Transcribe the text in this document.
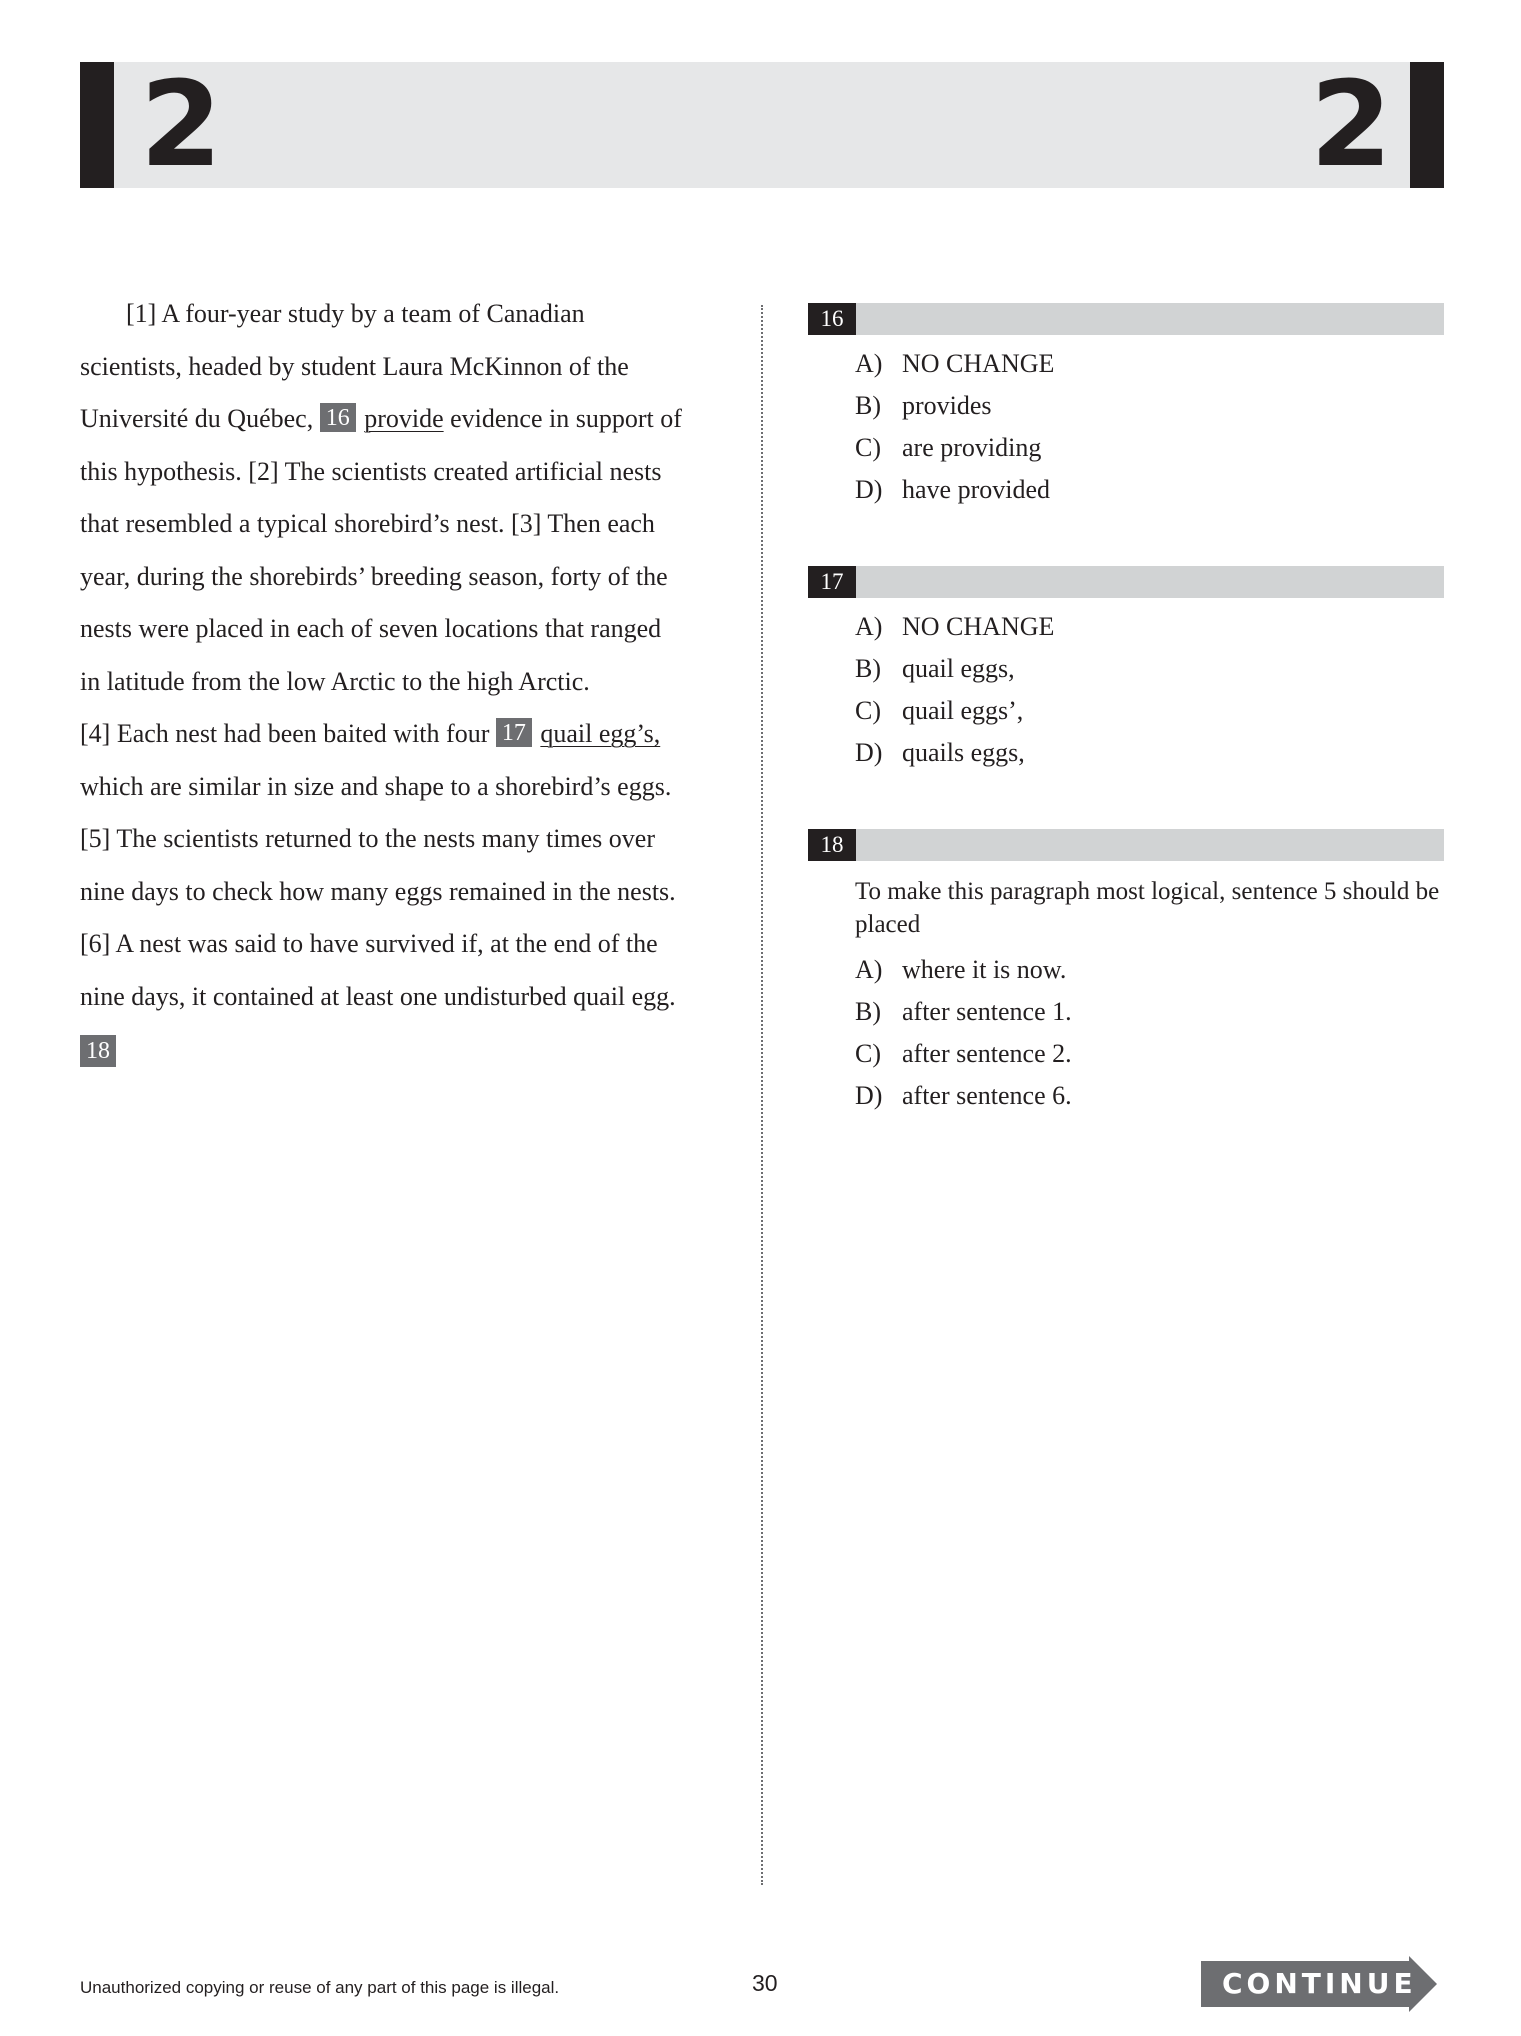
2	2

[1] A four-year study by a team of Canadian

scientists, headed by student Laura McKinnon of the

Université du Québec, 16 provide evidence in support of

this hypothesis. [2] The scientists created artificial nests

that resembled a typical shorebird’s nest. [3] Then each

year, during the shorebirds’ breeding season, forty of the

nests were placed in each of seven locations that ranged

in latitude from the low Arctic to the high Arctic.

[4] Each nest had been baited with four 17 quail egg’s,

which are similar in size and shape to a shorebird’s eggs.

[5] The scientists returned to the nests many times over

nine days to check how many eggs remained in the nests.

[6] A nest was said to have survived if, at the end of the

nine days, it contained at least one undisturbed quail egg.

18
16
A) NO CHANGE
B) provides
C) are providing
D) have provided
17
A) NO CHANGE
B) quail eggs,
C) quail eggs’,
D) quails eggs,
18
To make this paragraph most logical, sentence 5 should be placed
A) where it is now.
B) after sentence 1.
C) after sentence 2.
D) after sentence 6.
Unauthorized copying or reuse of any part of this page is illegal.	30	CONTINUE
